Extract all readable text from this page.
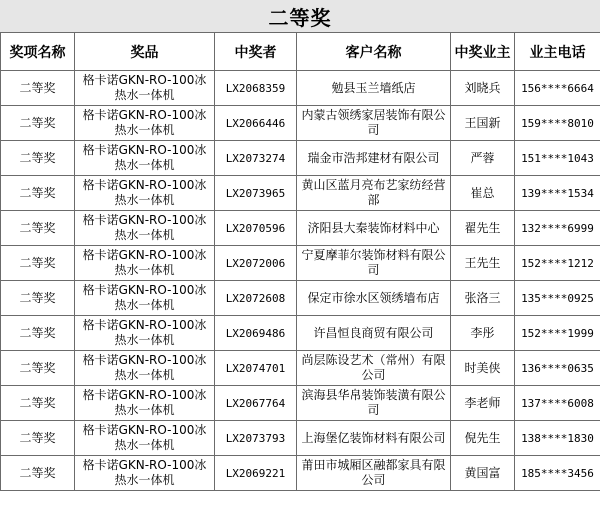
二等奖
奖项名称	奖品	中奖者	客户名称	中奖业主	业主电话
二等奖	格卡诺GKN-RO-100冰热水一体机	LX2068359	勉县玉兰墙纸店	刘晓兵	156****6664
二等奖	格卡诺GKN-RO-100冰热水一体机	LX2066446	内蒙古领绣家居装饰有限公司	王国新	159****8010
二等奖	格卡诺GKN-RO-100冰热水一体机	LX2073274	瑞金市浩邦建材有限公司	严蓉	151****1043
二等奖	格卡诺GKN-RO-100冰热水一体机	LX2073965	黄山区蓝月亮布艺家纺经营部	崔总	139****1534
二等奖	格卡诺GKN-RO-100冰热水一体机	LX2070596	济阳县大秦装饰材料中心	翟先生	132****6999
二等奖	格卡诺GKN-RO-100冰热水一体机	LX2072006	宁夏摩菲尔装饰材料有限公司	王先生	152****1212
二等奖	格卡诺GKN-RO-100冰热水一体机	LX2072608	保定市徐水区领绣墙布店	张洛三	135****0925
二等奖	格卡诺GKN-RO-100冰热水一体机	LX2069486	许昌恒良商贸有限公司	李彤	152****1999
二等奖	格卡诺GKN-RO-100冰热水一体机	LX2074701	尚层陈设艺术（常州）有限公司	时美侠	136****0635
二等奖	格卡诺GKN-RO-100冰热水一体机	LX2067764	滨海县华帛装饰装潢有限公司	李老师	137****6008
二等奖	格卡诺GKN-RO-100冰热水一体机	LX2073793	上海堡亿装饰材料有限公司	倪先生	138****1830
二等奖	格卡诺GKN-RO-100冰热水一体机	LX2069221	莆田市城厢区融都家具有限公司	黄国富	185****3456
